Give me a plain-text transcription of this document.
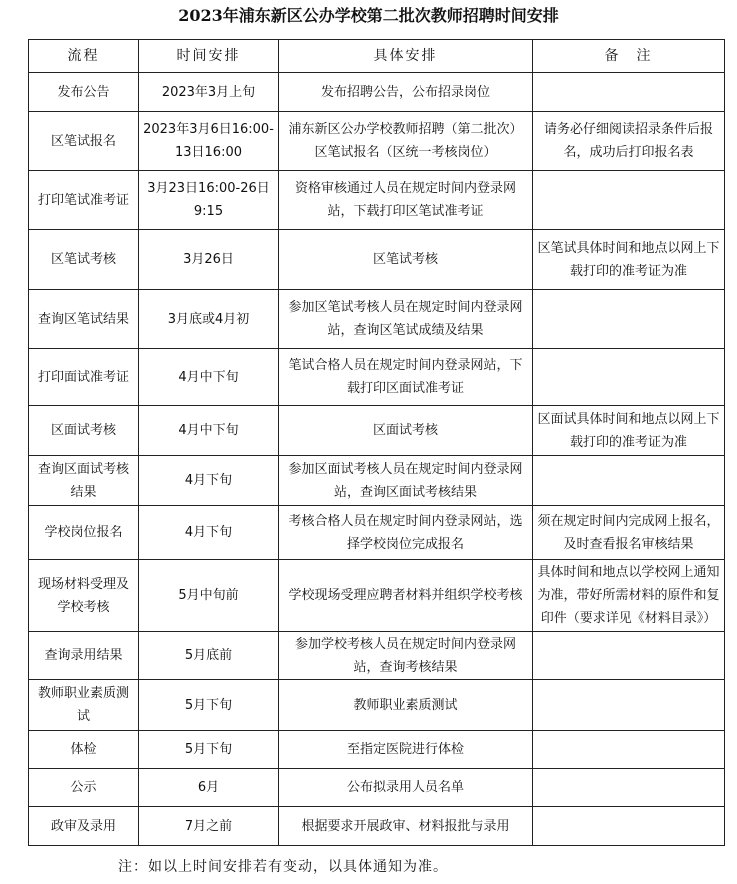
2023年浦东新区公办学校第二批次教师招聘时间安排
流程	时间安排	具体安排	备　注
发布公告	2023年3月上旬	发布招聘公告，公布招录岗位	
区笔试报名	2023年3月6日16:00-13日16:00	浦东新区公办学校教师招聘（第二批次）区笔试报名（区统一考核岗位）	请务必仔细阅读招录条件后报名，成功后打印报名表
打印笔试准考证	3月23日16:00-26日9:15	资格审核通过人员在规定时间内登录网站，下载打印区笔试准考证	
区笔试考核	3月26日	区笔试考核	区笔试具体时间和地点以网上下载打印的准考证为准
查询区笔试结果	3月底或4月初	参加区笔试考核人员在规定时间内登录网站，查询区笔试成绩及结果	
打印面试准考证	4月中下旬	笔试合格人员在规定时间内登录网站，下载打印区面试准考证	
区面试考核	4月中下旬	区面试考核	区面试具体时间和地点以网上下载打印的准考证为准
查询区面试考核结果	4月下旬	参加区面试考核人员在规定时间内登录网站，查询区面试考核结果	
学校岗位报名	4月下旬	考核合格人员在规定时间内登录网站，选择学校岗位完成报名	须在规定时间内完成网上报名，及时查看报名审核结果
现场材料受理及学校考核	5月中旬前	学校现场受理应聘者材料并组织学校考核	具体时间和地点以学校网上通知为准，带好所需材料的原件和复印件（要求详见《材料目录》）
查询录用结果	5月底前	参加学校考核人员在规定时间内登录网站，查询考核结果	
教师职业素质测试	5月下旬	教师职业素质测试	
体检	5月下旬	至指定医院进行体检	
公示	6月	公布拟录用人员名单	
政审及录用	7月之前	根据要求开展政审、材料报批与录用	
注：如以上时间安排若有变动，以具体通知为准。
